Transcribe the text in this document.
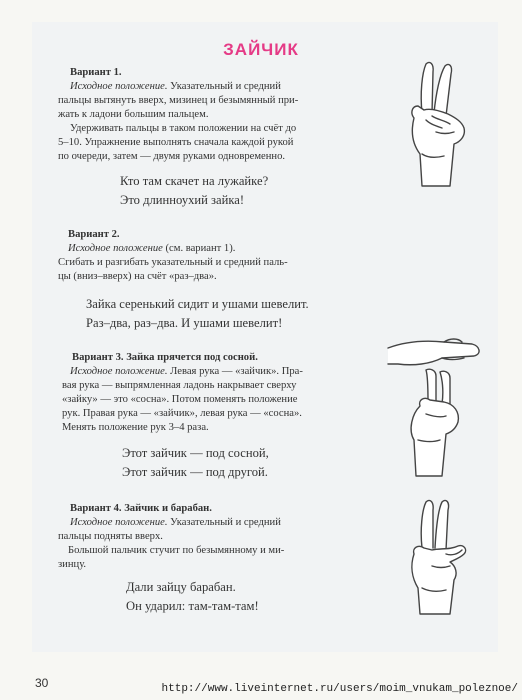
ЗАЙЧИК

Вариант 1.

Исходное положение. Указательный и средний

пальцы вытянуть вверх, мизинец и безымянный при-

жать к ладони большим пальцем.

Удерживать пальцы в таком положении на счёт до

5–10. Упражнение выполнять сначала каждой рукой

по очереди, затем — двумя руками одновременно.

Кто там скачет на лужайке?

Это длинноухий зайка!

Вариант 2.

Исходное положение (см. вариант 1).

Сгибать и разгибать указательный и средний паль-

цы (вниз–вверх) на счёт «раз–два».

Зайка серенький сидит и ушами шевелит.

Раз–два, раз–два. И ушами шевелит!

Вариант 3. Зайка прячется под сосной.

Исходное положение. Левая рука — «зайчик». Пра-

вая рука — выпрямленная ладонь накрывает сверху

«зайку» — это «сосна». Потом поменять положение

рук. Правая рука — «зайчик», левая рука — «сосна».

Менять положение рук 3–4 раза.

Этот зайчик — под сосной,

Этот зайчик — под другой.

Вариант 4. Зайчик и барабан.

Исходное положение. Указательный и средний

пальцы подняты вверх.

Большой пальчик стучит по безымянному и ми-

зинцу.

Дали зайцу барабан.

Он ударил: там-там-там!

30	http://www.liveinternet.ru/users/moim_vnukam_poleznoe/
